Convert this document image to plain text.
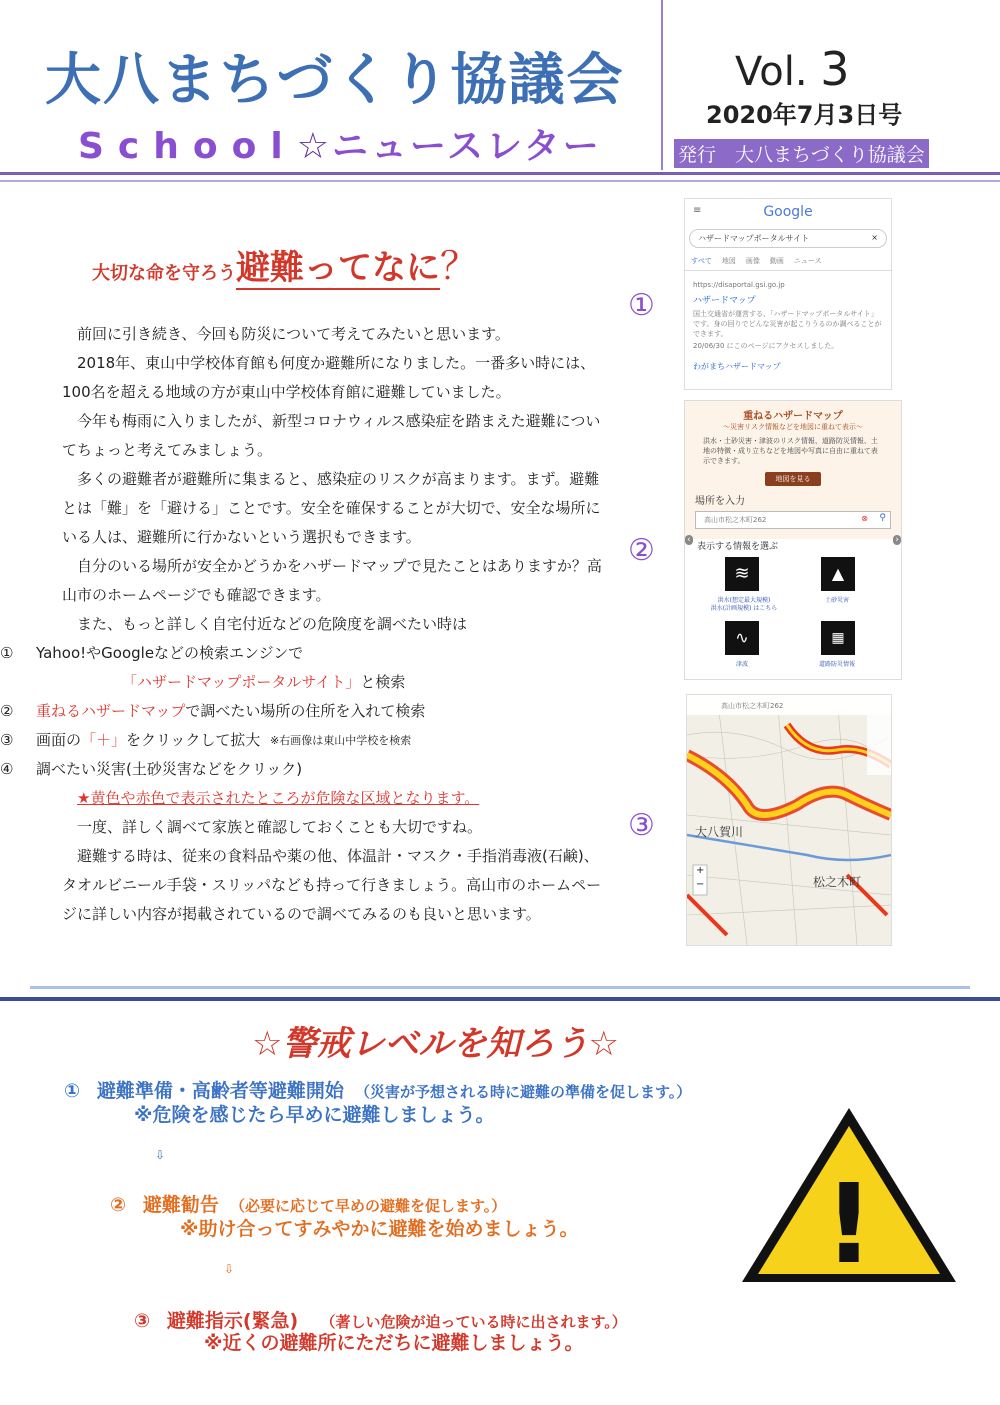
大八まちづくり協議会
School☆ニュースレター
Vol. 3
2020年7月3日号
発行　大八まちづくり協議会
大切な命を守ろう避難ってなに？

前回に引き続き、今回も防災について考えてみたいと思います。

2018年、東山中学校体育館も何度か避難所になりました。一番多い時には、100名を超える地域の方が東山中学校体育館に避難していました。

今年も梅雨に入りましたが、新型コロナウィルス感染症を踏まえた避難についてちょっと考えてみましょう。

多くの避難者が避難所に集まると、感染症のリスクが高まります。まず。避難とは「難」を「避ける」ことです。安全を確保することが大切で、安全な場所にいる人は、避難所に行かないという選択もできます。

自分のいる場所が安全かどうかをハザードマップで見たことはありますか？高山市のホームページでも確認できます。

また、もっと詳しく自宅付近などの危険度を調べたい時は

①	Yahoo!やGoogleなどの検索エンジンで

「ハザードマップポータルサイト」 と検索

②	重ねるハザードマップ で調べたい場所の住所を入れて検索

③	画面の 「＋」 をクリックして拡大
※右画像は東山中学校を検索

④	調べたい災害(土砂災害などをクリック)

★黄色や赤色で表示されたところが危険な区域となります。

一度、詳しく調べて家族と確認しておくことも大切ですね。

避難する時は、従来の食料品や薬の他、体温計・マスク・手指消毒液(石鹸)、タオルビニール手袋・スリッパなども持って行きましょう。高山市のホームページに詳しい内容が掲載されているので調べてみるのも良いと思います。

①
②
③
≡	Google
ハザードマップポータルサイト	×
すべて 地図 画像 動画 ニュース
https://disaportal.gsi.go.jp
ハザードマップ
国土交通省が運営する、「ハザードマップポータルサイト」です。身の回りでどんな災害が起こりうるのか調べることができます。
20/06/30 にこのページにアクセスしました。
わがまちハザードマップ
重ねるハザードマップ
～災害リスク情報などを地図に重ねて表示～
洪水・土砂災害・津波のリスク情報、道路防災情報、土地の特徴・成り立ちなどを地図や写真に自由に重ねて表示できます。
地図を見る
場所を入力
高山市松之木町262	⊗ ⚲
‹	›
表示する情報を選ぶ
≋	▲
洪水(想定最大規模)
洪水(計画規模) はこちら
土砂災害
∿	▦
津波	道路防災情報
高山市松之木町262
大八賀川
松之木町
+
−
☆警戒レベルを知ろう☆
① 避難準備・高齢者等避難開始 （災害が予想される時に避難の準備を促します。）
※危険を感じたら早めに避難しましょう。
⇩
② 避難勧告 （必要に応じて早めの避難を促します。）
※助け合ってすみやかに避難を始めましょう。
⇩
③ 避難指示(緊急) （著しい危険が迫っている時に出されます。）
※近くの避難所にただちに避難しましょう。
!
